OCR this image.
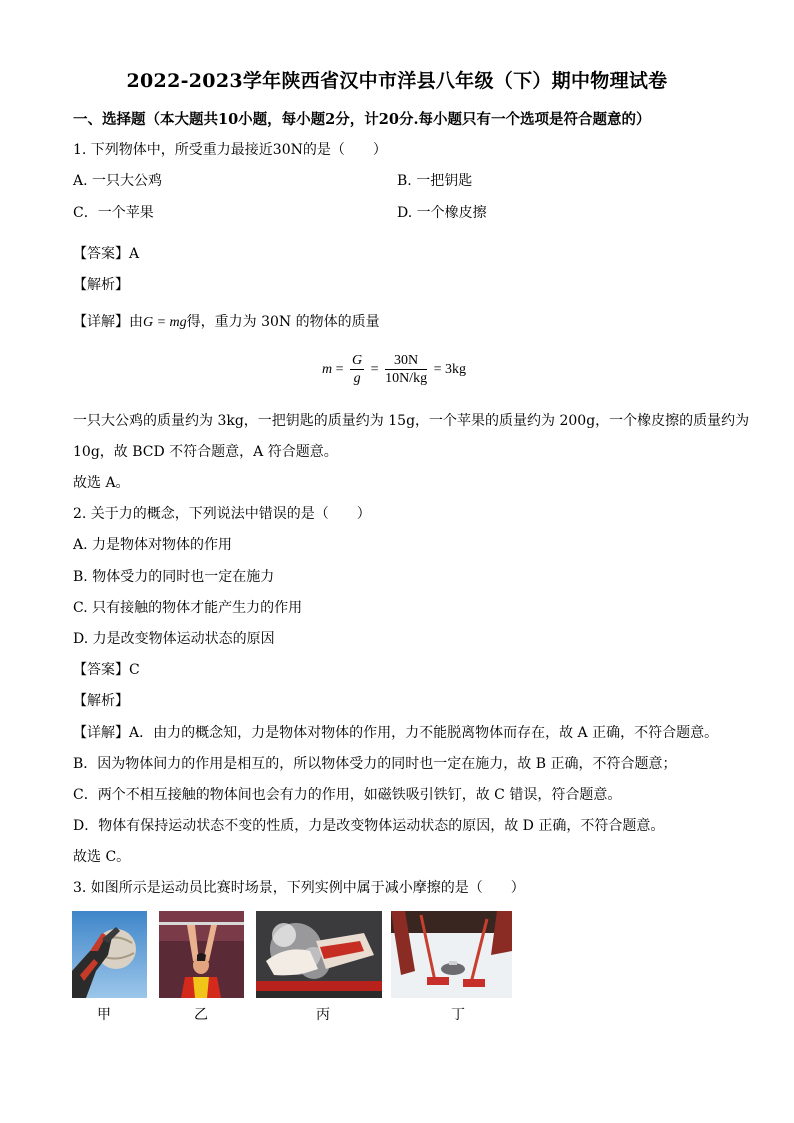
2022-2023学年陕西省汉中市洋县八年级（下）期中物理试卷
一、选择题（本大题共10小题，每小题2分，计20分.每小题只有一个选项是符合题意的）
1. 下列物体中，所受重力最接近30N的是（　　）
A. 一只大公鸡	B. 一把钥匙
C．一个苹果	D. 一个橡皮擦
【答案】A
【解析】
【详解】由G = mg得，重力为 30N 的物体的质量
$m = \frac{G}{g} = \frac{30N}{10N/kg} = 3kg$
一只大公鸡的质量约为 3kg，一把钥匙的质量约为 15g，一个苹果的质量约为 200g，一个橡皮擦的质量约为
10g，故 BCD 不符合题意，A 符合题意。
故选 A。
2. 关于力的概念，下列说法中错误的是（　　）
A. 力是物体对物体的作用
B. 物体受力的同时也一定在施力
C. 只有接触的物体才能产生力的作用
D. 力是改变物体运动状态的原因
【答案】C
【解析】
【详解】A．由力的概念知，力是物体对物体的作用，力不能脱离物体而存在，故 A 正确，不符合题意。
B．因为物体间力的作用是相互的，所以物体受力的同时也一定在施力，故 B 正确，不符合题意；
C．两个不相互接触的物体间也会有力的作用，如磁铁吸引铁钉，故 C 错误，符合题意。
D．物体有保持运动状态不变的性质，力是改变物体运动状态的原因，故 D 正确，不符合题意。
故选 C。
3. 如图所示是运动员比赛时场景，下列实例中属于减小摩擦的是（　　）
甲	乙	丙	丁
